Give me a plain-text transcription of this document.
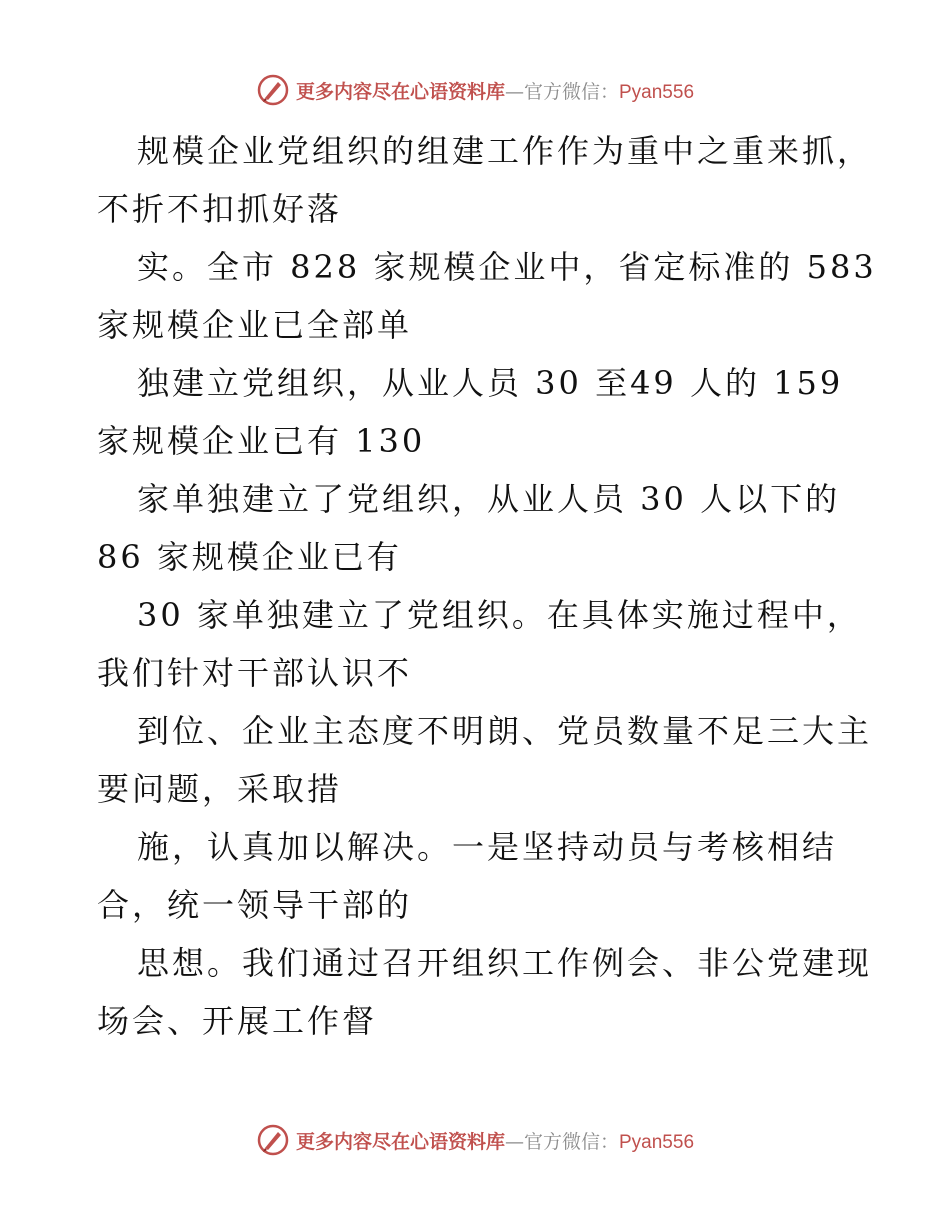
更多内容尽在心语资料库—官方微信：Pyan556
规模企业党组织的组建工作作为重中之重来抓，
不折不扣抓好落
实。全市 828 家规模企业中，省定标准的 583
家规模企业已全部单
独建立党组织，从业人员 30 至49 人的 159
家规模企业已有 130
家单独建立了党组织，从业人员 30 人以下的
86 家规模企业已有
30 家单独建立了党组织。在具体实施过程中，
我们针对干部认识不
到位、企业主态度不明朗、党员数量不足三大主
要问题，采取措
施，认真加以解决。一是坚持动员与考核相结
合，统一领导干部的
思想。我们通过召开组织工作例会、非公党建现
场会、开展工作督
更多内容尽在心语资料库—官方微信：Pyan556
